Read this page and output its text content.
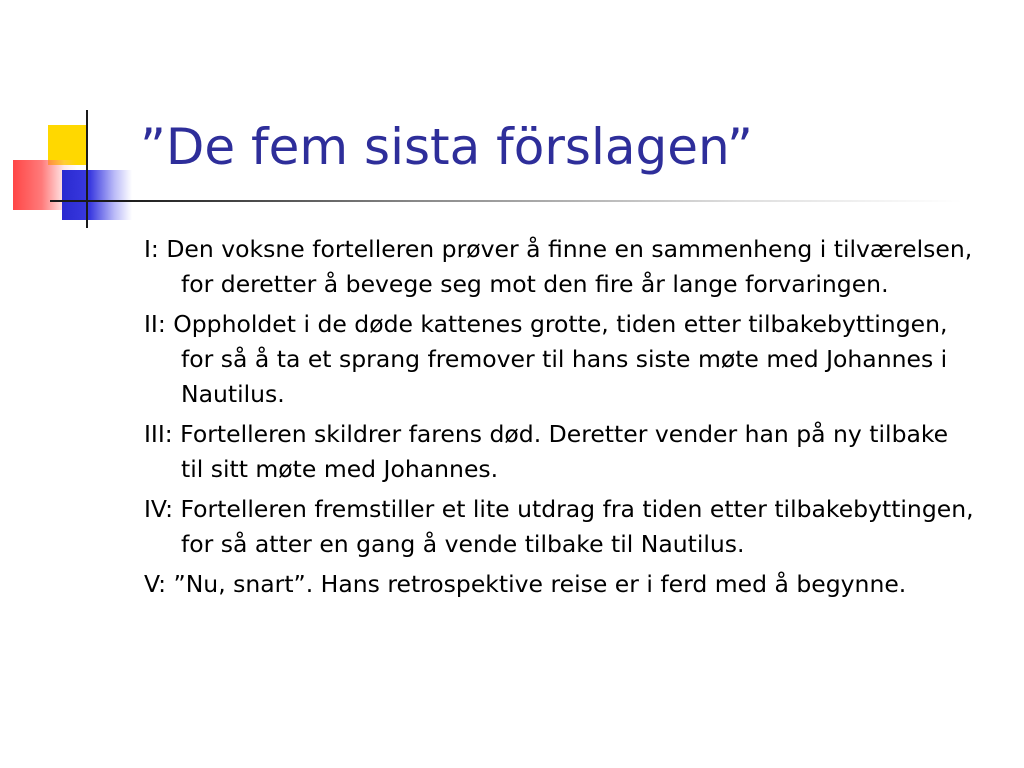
”De fem sista förslagen”
I: Den voksne fortelleren prøver å finne en sammenheng i tilværelsen, for deretter å bevege seg mot den fire år lange forvaringen.
II: Oppholdet i de døde kattenes grotte, tiden etter tilbakebyttingen, for så å ta et sprang fremover til hans siste møte med Johannes i Nautilus.
III: Fortelleren skildrer farens død. Deretter vender han på ny tilbake til sitt møte med Johannes.
IV: Fortelleren fremstiller et lite utdrag fra tiden etter tilbakebyttingen, for så atter en gang å vende tilbake til Nautilus.
V: ”Nu, snart”. Hans retrospektive reise er i ferd med å begynne.
